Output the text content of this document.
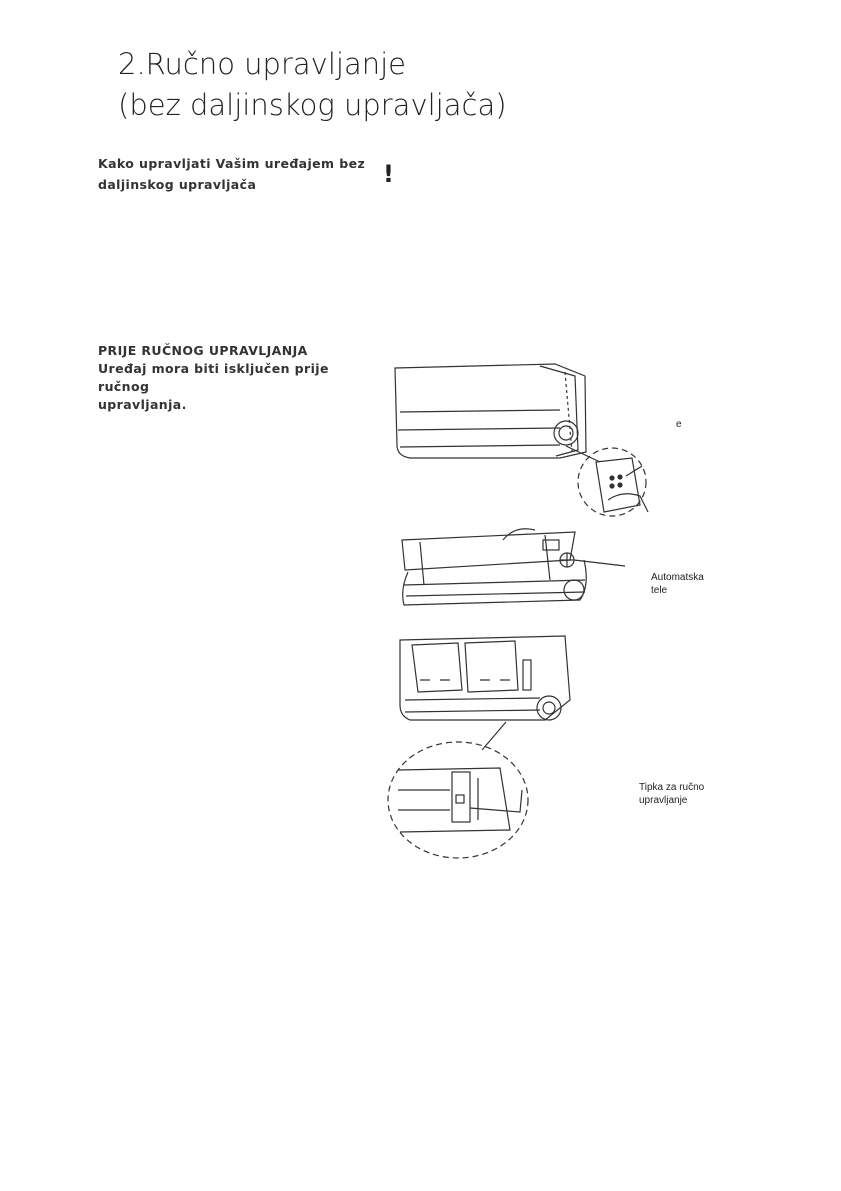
2.Ručno upravljanje
(bez daljinskog upravljača)
Kako upravljati Vašim uređajem bez
daljinskog upravljača	!
PRIJE RUČNOG UPRAVLJANJA
Uređaj mora biti isključen prije ručnog
upravljanja.
e
Automatska
tele
Tipka za ručno
upravljanje
